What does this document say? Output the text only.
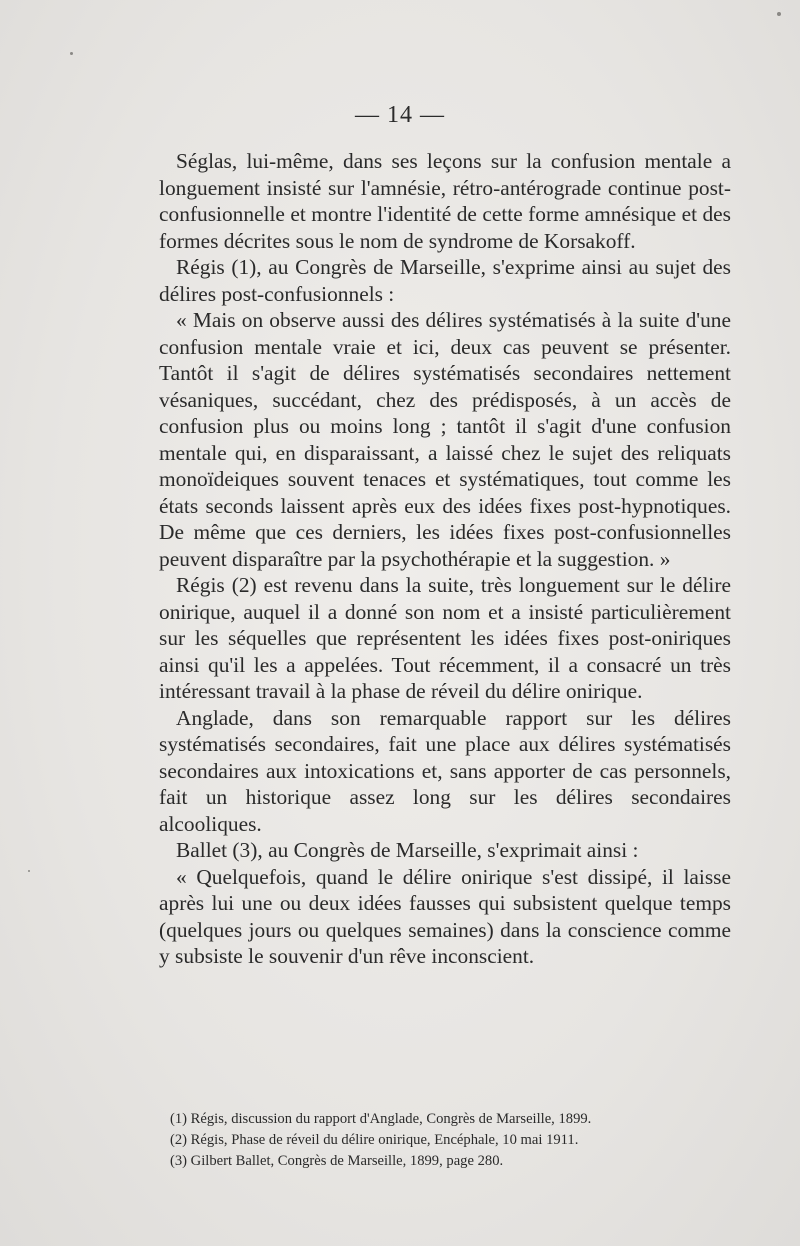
— 14 —

Séglas, lui-même, dans ses leçons sur la confusion mentale a longuement insisté sur l'amnésie, rétro-antérograde continue post-confusionnelle et montre l'identité de cette forme amnésique et des formes décrites sous le nom de syndrome de Korsakoff.

Régis (1), au Congrès de Marseille, s'exprime ainsi au sujet des délires post-confusionnels :

« Mais on observe aussi des délires systématisés à la suite d'une confusion mentale vraie et ici, deux cas peuvent se présenter. Tantôt il s'agit de délires systématisés secondaires nettement vésaniques, succédant, chez des prédisposés, à un accès de confusion plus ou moins long ; tantôt il s'agit d'une confusion mentale qui, en disparaissant, a laissé chez le sujet des reliquats monoïdeiques souvent tenaces et systématiques, tout comme les états seconds laissent après eux des idées fixes post-hypnotiques. De même que ces derniers, les idées fixes post-confusionnelles peuvent disparaître par la psychothérapie et la suggestion. »

Régis (2) est revenu dans la suite, très longuement sur le délire onirique, auquel il a donné son nom et a insisté particulièrement sur les séquelles que représentent les idées fixes post-oniriques ainsi qu'il les a appelées. Tout récemment, il a consacré un très intéressant travail à la phase de réveil du délire onirique.

Anglade, dans son remarquable rapport sur les délires systématisés secondaires, fait une place aux délires systématisés secondaires aux intoxications et, sans apporter de cas personnels, fait un historique assez long sur les délires secondaires alcooliques.

Ballet (3), au Congrès de Marseille, s'exprimait ainsi :

« Quelquefois, quand le délire onirique s'est dissipé, il laisse après lui une ou deux idées fausses qui subsistent quelque temps (quelques jours ou quelques semaines) dans la conscience comme y subsiste le souvenir d'un rêve inconscient.

(1) Régis, discussion du rapport d'Anglade, Congrès de Marseille, 1899.
(2) Régis, Phase de réveil du délire onirique, Encéphale, 10 mai 1911.
(3) Gilbert Ballet, Congrès de Marseille, 1899, page 280.
